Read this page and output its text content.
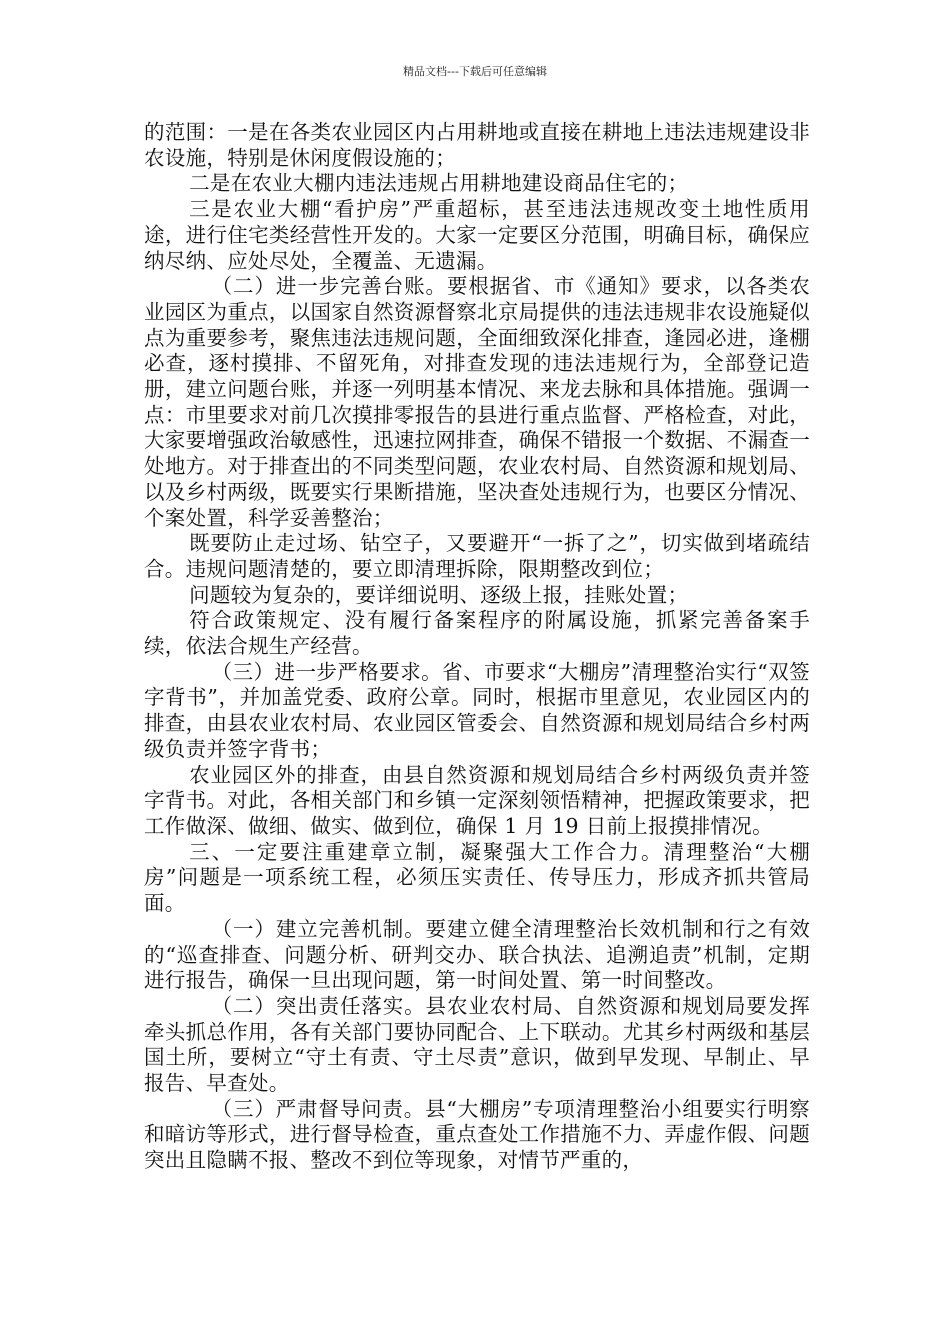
精品文档---下载后可任意编辑

的范围：一是在各类农业园区内占用耕地或直接在耕地上违法违规建设非农设施，特别是休闲度假设施的；

二是在农业大棚内违法违规占用耕地建设商品住宅的；

三是农业大棚“看护房”严重超标，甚至违法违规改变土地性质用途，进行住宅类经营性开发的。大家一定要区分范围，明确目标，确保应纳尽纳、应处尽处，全覆盖、无遗漏。

（二）进一步完善台账。要根据省、市《通知》要求，以各类农业园区为重点，以国家自然资源督察北京局提供的违法违规非农设施疑似点为重要参考，聚焦违法违规问题，全面细致深化排查，逢园必进，逢棚必查，逐村摸排、不留死角，对排查发现的违法违规行为，全部登记造册，建立问题台账，并逐一列明基本情况、来龙去脉和具体措施。强调一点：市里要求对前几次摸排零报告的县进行重点监督、严格检查，对此，大家要增强政治敏感性，迅速拉网排查，确保不错报一个数据、不漏查一处地方。对于排查出的不同类型问题，农业农村局、自然资源和规划局、以及乡村两级，既要实行果断措施，坚决查处违规行为，也要区分情况、个案处置，科学妥善整治；

既要防止走过场、钻空子，又要避开“一拆了之”，切实做到堵疏结合。违规问题清楚的，要立即清理拆除，限期整改到位；

问题较为复杂的，要详细说明、逐级上报，挂账处置；

符合政策规定、没有履行备案程序的附属设施，抓紧完善备案手续，依法合规生产经营。

（三）进一步严格要求。省、市要求“大棚房”清理整治实行“双签字背书”，并加盖党委、政府公章。同时，根据市里意见，农业园区内的排查，由县农业农村局、农业园区管委会、自然资源和规划局结合乡村两级负责并签字背书；

农业园区外的排查，由县自然资源和规划局结合乡村两级负责并签字背书。对此，各相关部门和乡镇一定深刻领悟精神，把握政策要求，把工作做深、做细、做实、做到位，确保 1 月 19 日前上报摸排情况。

三、一定要注重建章立制，凝聚强大工作合力。清理整治“大棚房”问题是一项系统工程，必须压实责任、传导压力，形成齐抓共管局面。

（一）建立完善机制。要建立健全清理整治长效机制和行之有效的“巡查排查、问题分析、研判交办、联合执法、追溯追责”机制，定期进行报告，确保一旦出现问题，第一时间处置、第一时间整改。

（二）突出责任落实。县农业农村局、自然资源和规划局要发挥牵头抓总作用，各有关部门要协同配合、上下联动。尤其乡村两级和基层国土所，要树立“守土有责、守土尽责”意识，做到早发现、早制止、早报告、早查处。

（三）严肃督导问责。县“大棚房”专项清理整治小组要实行明察和暗访等形式，进行督导检查，重点查处工作措施不力、弄虚作假、问题突出且隐瞒不报、整改不到位等现象，对情节严重的，
